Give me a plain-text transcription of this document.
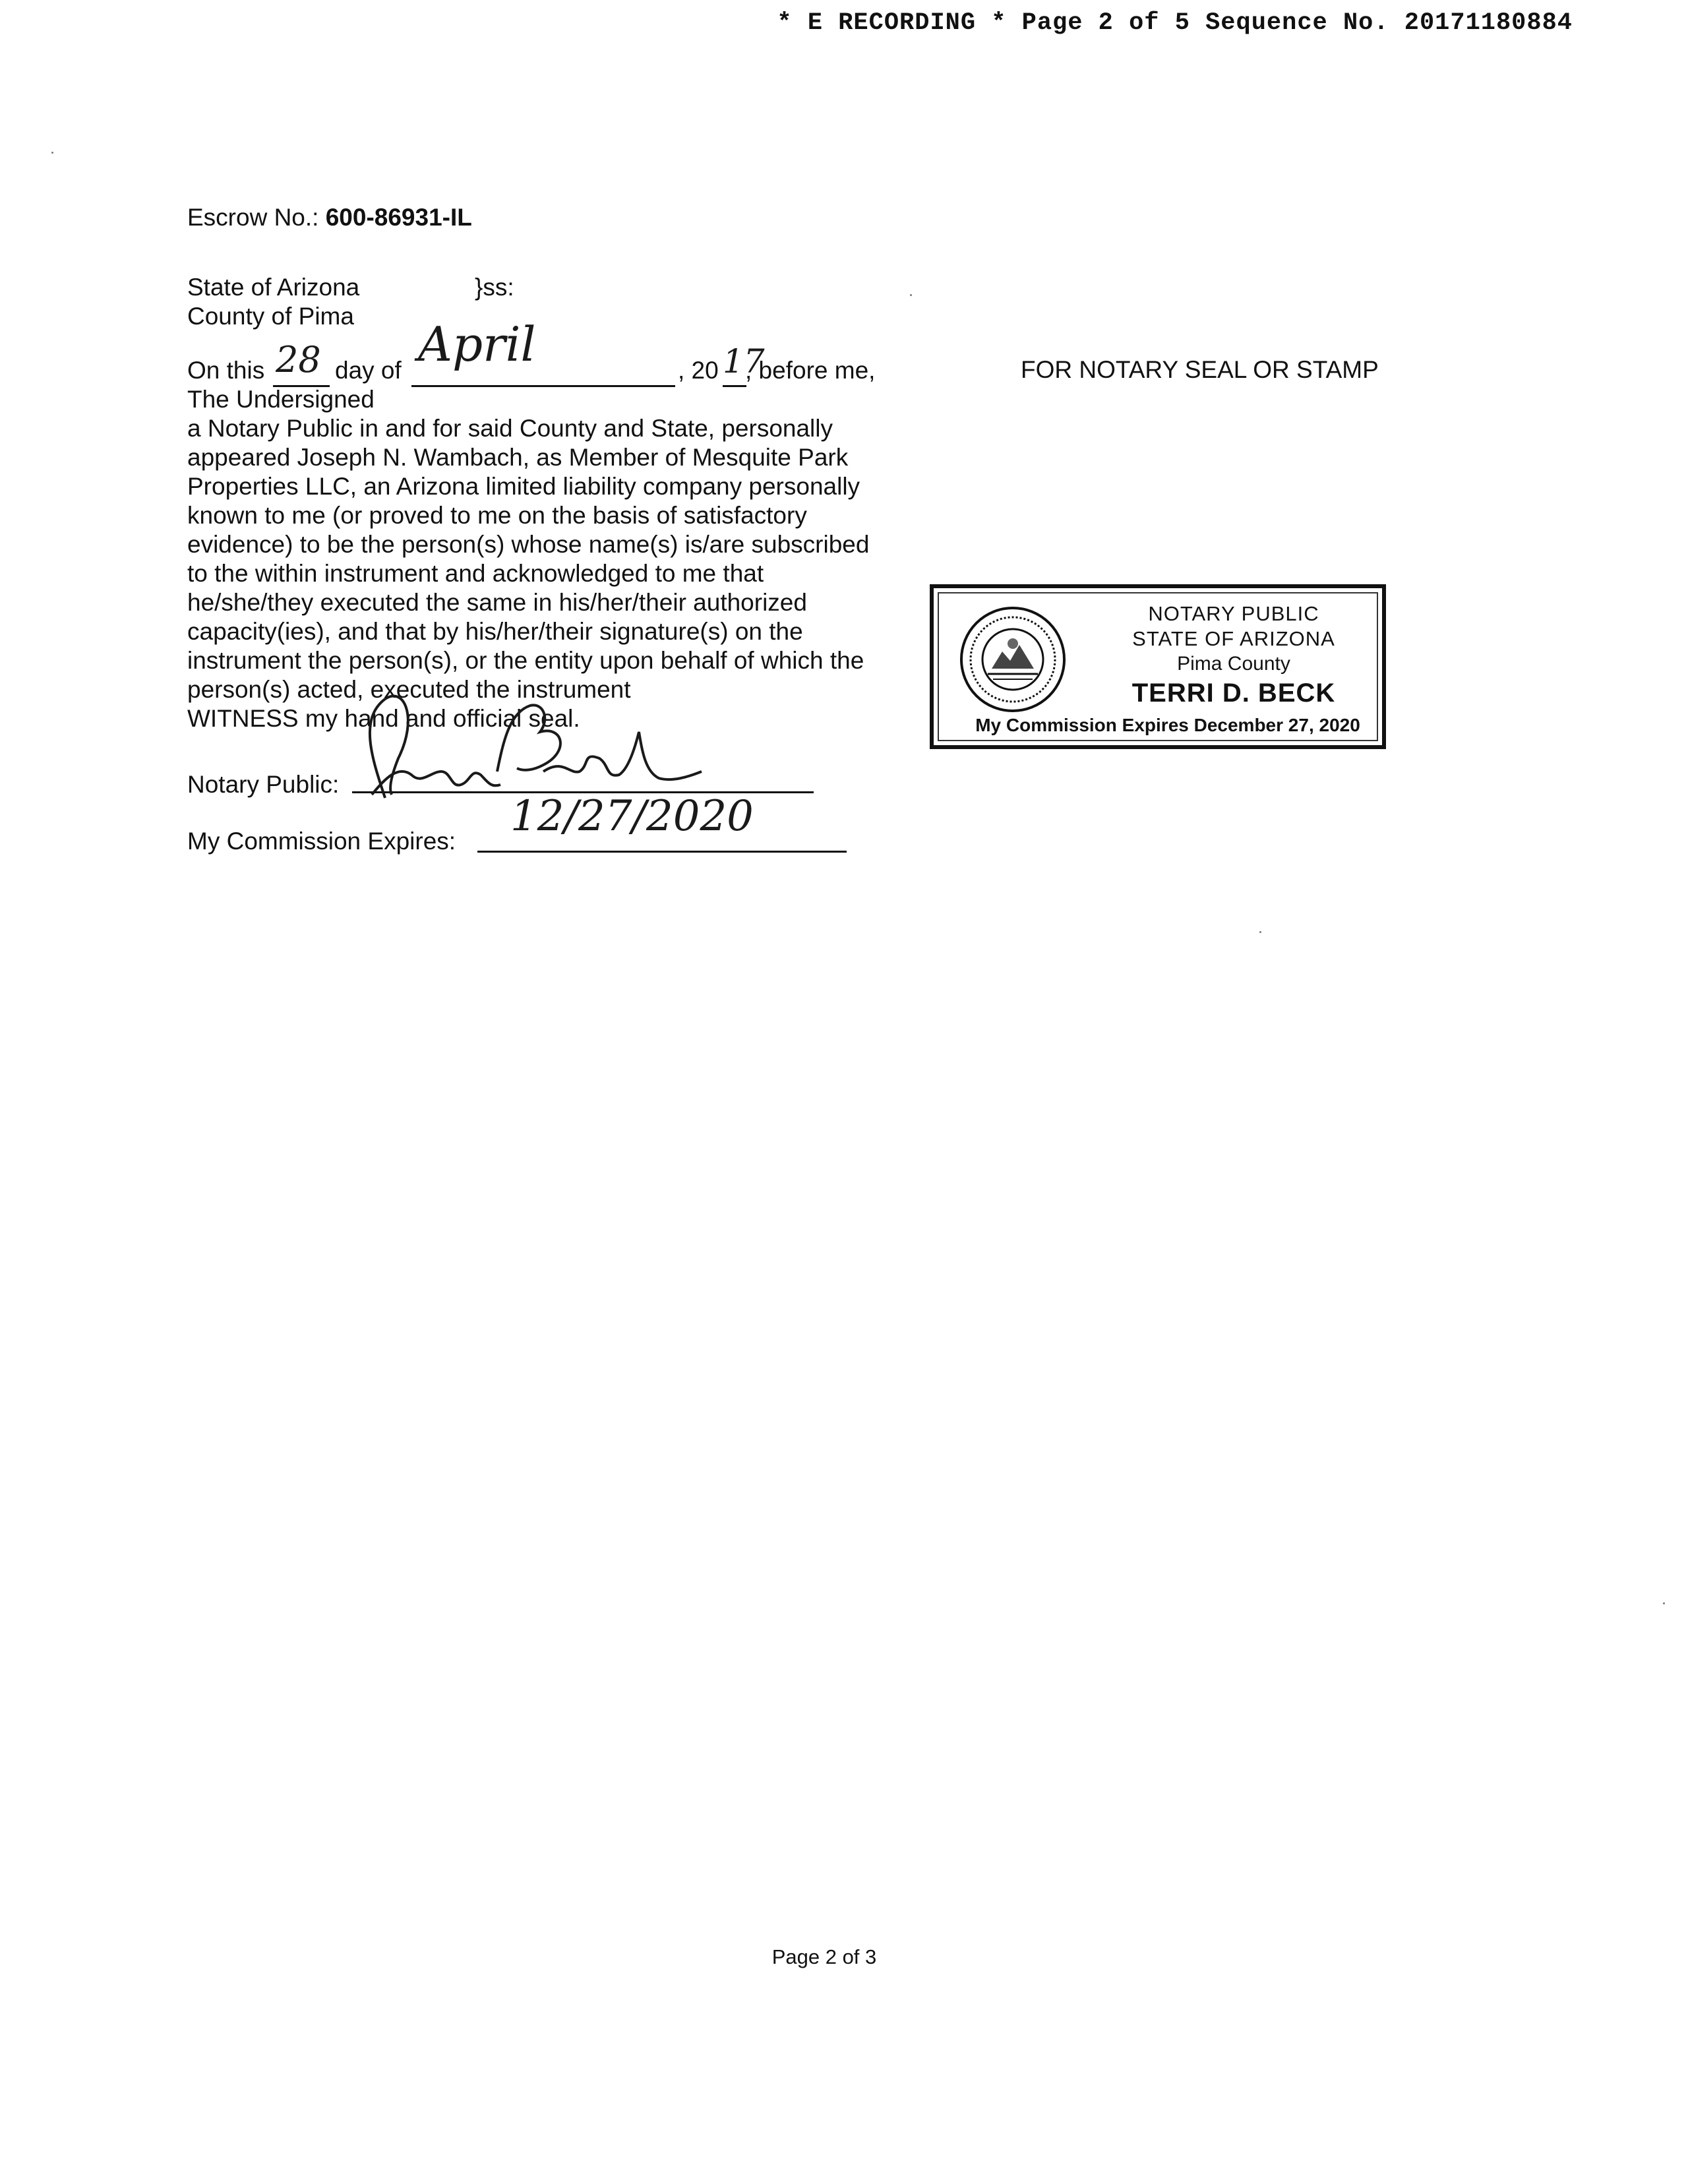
* E RECORDING * Page 2 of 5 Sequence No. 20171180884
Escrow No.: 600-86931-IL
State of Arizona	}ss:
County of Pima
On this 28 day of April	, 20 17
, before me,

The Undersigned

a Notary Public in and for said County and State, personally

appeared Joseph N. Wambach, as Member of Mesquite Park

Properties LLC, an Arizona limited liability company personally

known to me (or proved to me on the basis of satisfactory

evidence) to be the person(s) whose name(s) is/are subscribed

to the within instrument and acknowledged to me that

he/she/they executed the same in his/her/their authorized

capacity(ies), and that by his/her/their signature(s) on the

instrument the person(s), or the entity upon behalf of which the

person(s) acted, executed the instrument

WITNESS my hand and official seal.

Notary Public:
My Commission Expires:
12/27/2020
FOR NOTARY SEAL OR STAMP
NOTARY PUBLIC
STATE OF ARIZONA
Pima County
TERRI D. BECK
My Commission Expires December 27, 2020
Page 2 of 3
